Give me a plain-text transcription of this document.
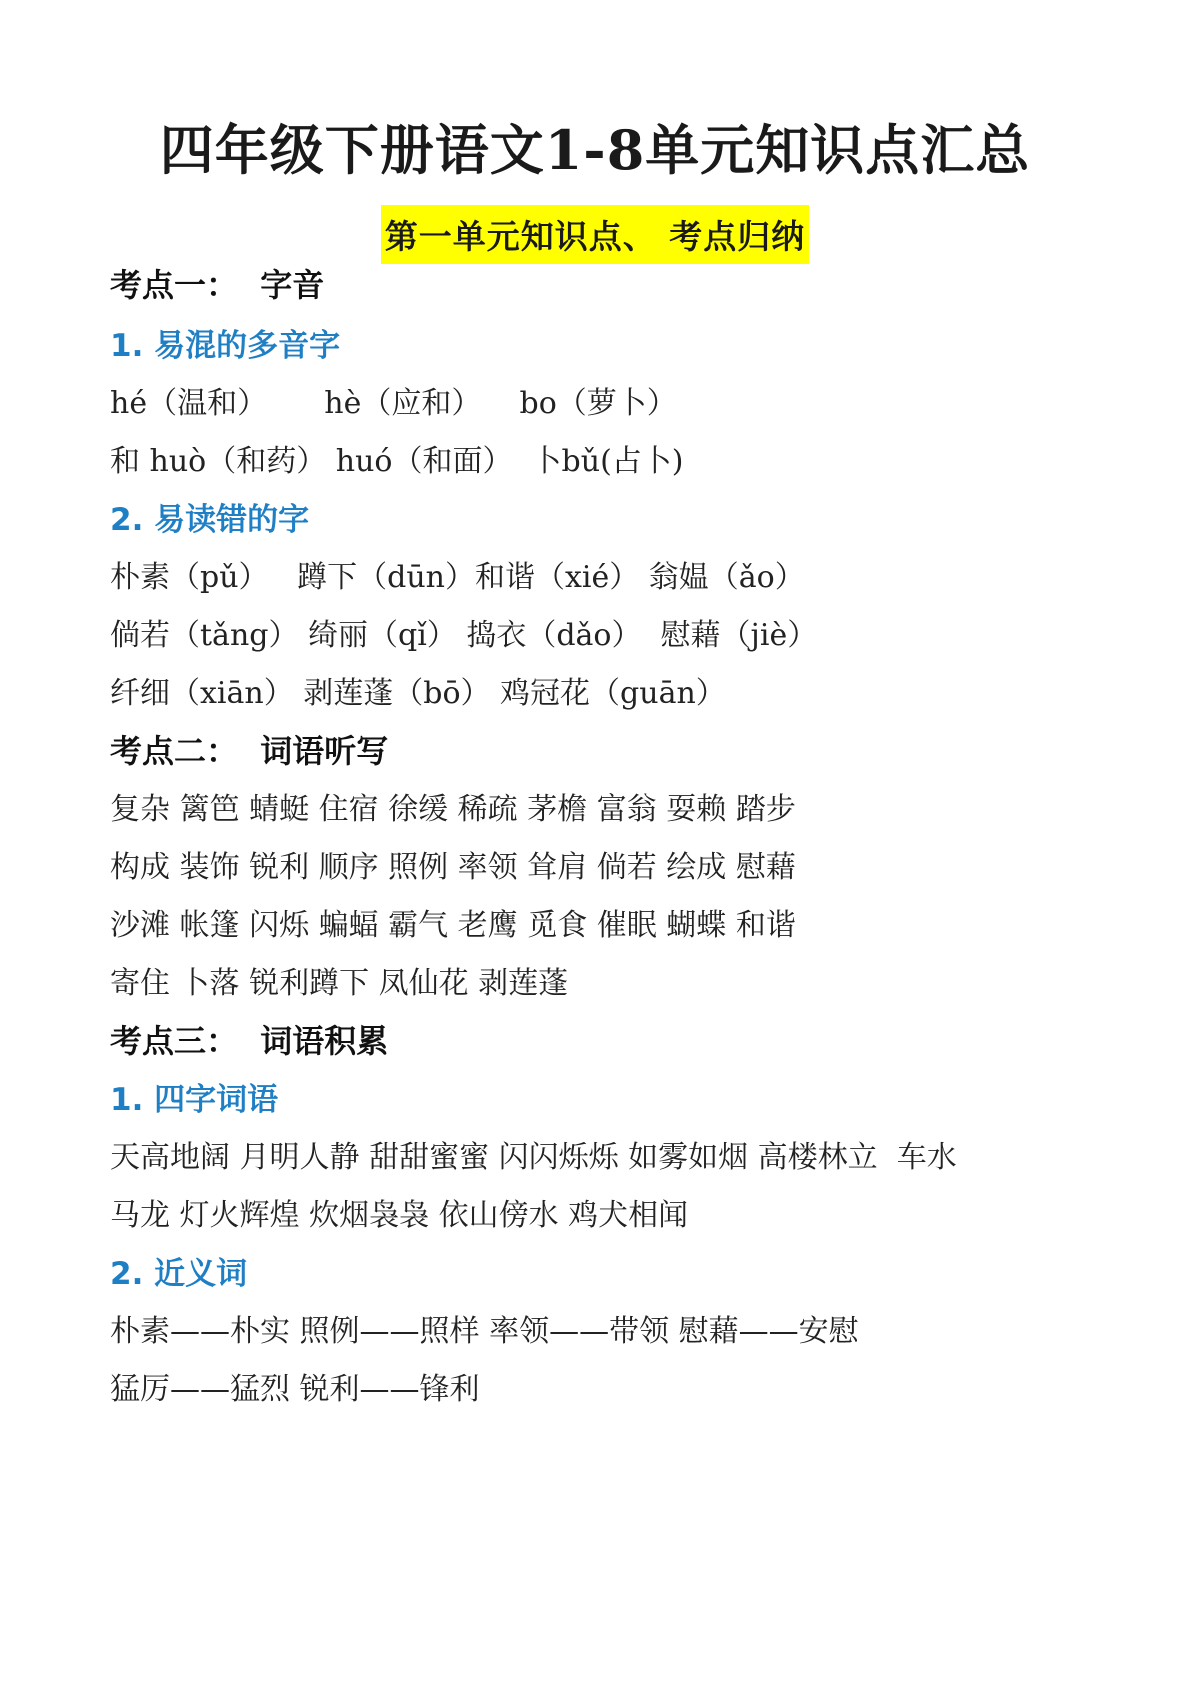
四年级下册语文1-8单元知识点汇总
第一单元知识点、 考点归纳
考点一：  字音
1. 易混的多音字
hé（温和）      hè（应和）    bo（萝卜）
和 huò（和药） huó（和面）  卜bǔ(占卜)
2. 易读错的字
朴素（pǔ）   蹲下（dūn）和谐（xié） 翁媪（ǎo）
倘若（tǎng） 绮丽（qǐ） 捣衣（dǎo）  慰藉（jiè）
纤细（xiān） 剥莲蓬（bō） 鸡冠花（guān）
考点二：  词语听写
复杂 篱笆 蜻蜓 住宿 徐缓 稀疏 茅檐 富翁 耍赖 踏步
构成 装饰 锐利 顺序 照例 率领 耸肩 倘若 绘成 慰藉
沙滩 帐篷 闪烁 蝙蝠 霸气 老鹰 觅食 催眠 蝴蝶 和谐
寄住 卜落 锐利蹲下 凤仙花 剥莲蓬
考点三：  词语积累
1. 四字词语
天高地阔 月明人静 甜甜蜜蜜 闪闪烁烁 如雾如烟 高楼林立  车水
马龙 灯火辉煌 炊烟袅袅 依山傍水 鸡犬相闻
2. 近义词
朴素——朴实 照例——照样 率领——带领 慰藉——安慰
猛厉——猛烈 锐利——锋利
